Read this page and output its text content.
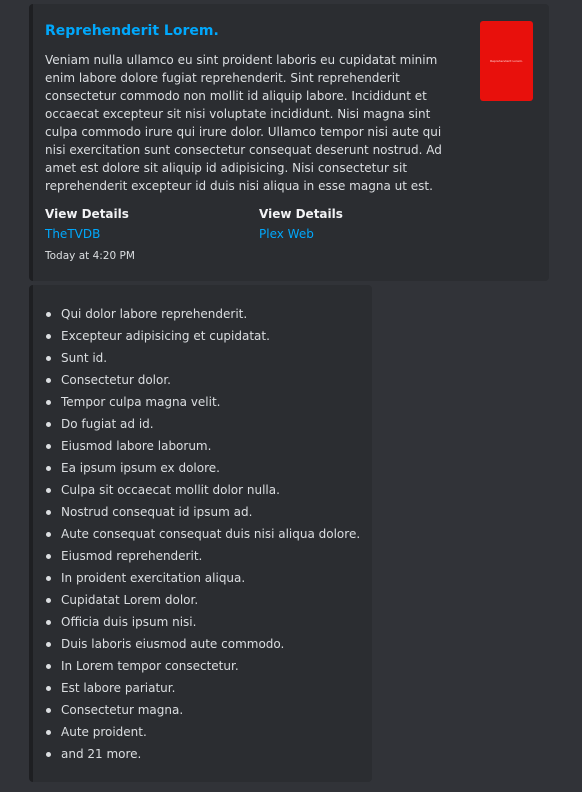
Reprehenderit Lorem.
Veniam nulla ullamco eu sint proident laboris eu cupidatat minim enim labore dolore fugiat reprehenderit. Sint reprehenderit consectetur commodo non mollit id aliquip labore. Incididunt et occaecat excepteur sit nisi voluptate incididunt. Nisi magna sint culpa commodo irure qui irure dolor. Ullamco tempor nisi aute qui nisi exercitation sunt consectetur consequat deserunt nostrud. Ad amet est dolore sit aliquip id adipisicing. Nisi consectetur sit reprehenderit excepteur id duis nisi aliqua in esse magna ut est.
Reprehenderit Lorem.
View Details
TheTVDB
View Details
Plex Web
Today at 4:20 PM
Qui dolor labore reprehenderit.
Excepteur adipisicing et cupidatat.
Sunt id.
Consectetur dolor.
Tempor culpa magna velit.
Do fugiat ad id.
Eiusmod labore laborum.
Ea ipsum ipsum ex dolore.
Culpa sit occaecat mollit dolor nulla.
Nostrud consequat id ipsum ad.
Aute consequat consequat duis nisi aliqua dolore.
Eiusmod reprehenderit.
In proident exercitation aliqua.
Cupidatat Lorem dolor.
Officia duis ipsum nisi.
Duis laboris eiusmod aute commodo.
In Lorem tempor consectetur.
Est labore pariatur.
Consectetur magna.
Aute proident.
and 21 more.
